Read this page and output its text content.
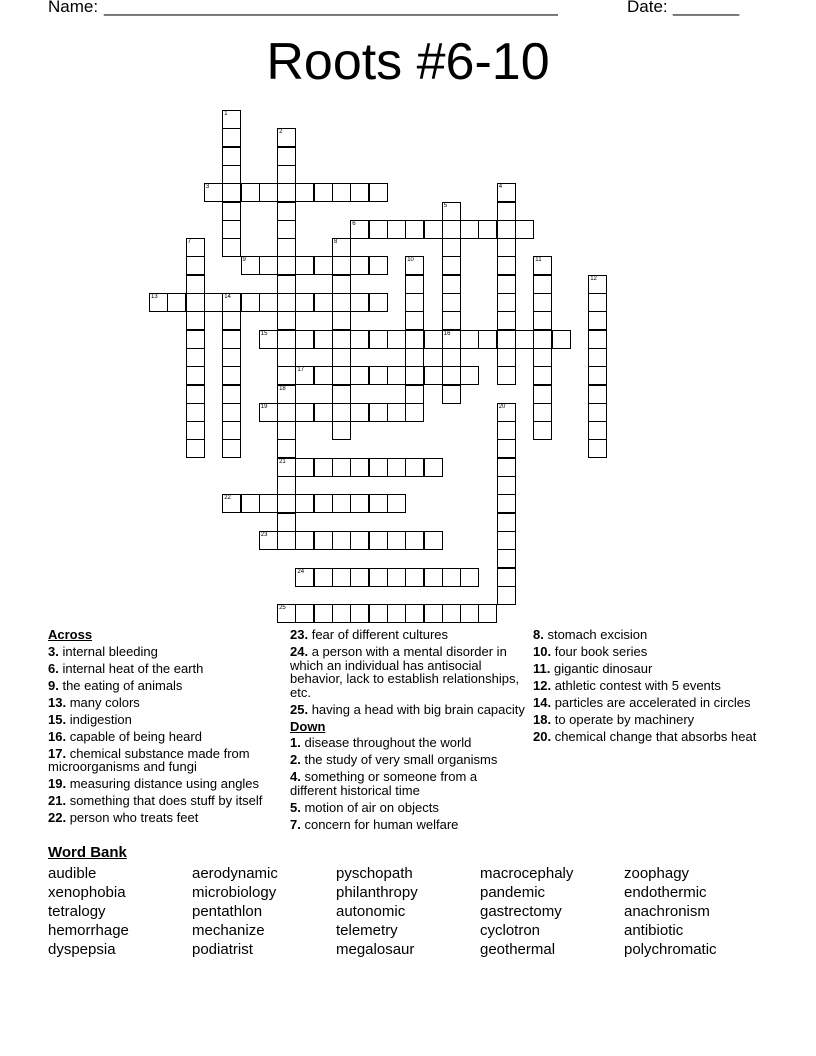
Name: ________________________________________________	Date: _______
Roots #6-10
1
2
18
21
3	4
5
16
6
7	8
9	10	11
12
13	14
15
17
19	20
22
23
24
25
Across
3. internal bleeding
6. internal heat of the earth
9. the eating of animals
13. many colors
15. indigestion
16. capable of being heard
17. chemical substance made from microorganisms and fungi
19. measuring distance using angles
21. something that does stuff by itself
22. person who treats feet
23. fear of different cultures
24. a person with a mental disorder in which an individual has antisocial behavior, lack to establish relationships, etc.
25. having a head with big brain capacity
Down
1. disease throughout the world
2. the study of very small organisms
4. something or someone from a different historical time
5. motion of air on objects
7. concern for human welfare
8. stomach excision
10. four book series
11. gigantic dinosaur
12. athletic contest with 5 events
14. particles are accelerated in circles
18. to operate by machinery
20. chemical change that absorbs heat
Word Bank
audible	aerodynamic	pyschopath	macrocephaly	zoophagy
xenophobia	microbiology	philanthropy	pandemic	endothermic
tetralogy	pentathlon	autonomic	gastrectomy	anachronism
hemorrhage	mechanize	telemetry	cyclotron	antibiotic
dyspepsia	podiatrist	megalosaur	geothermal	polychromatic
